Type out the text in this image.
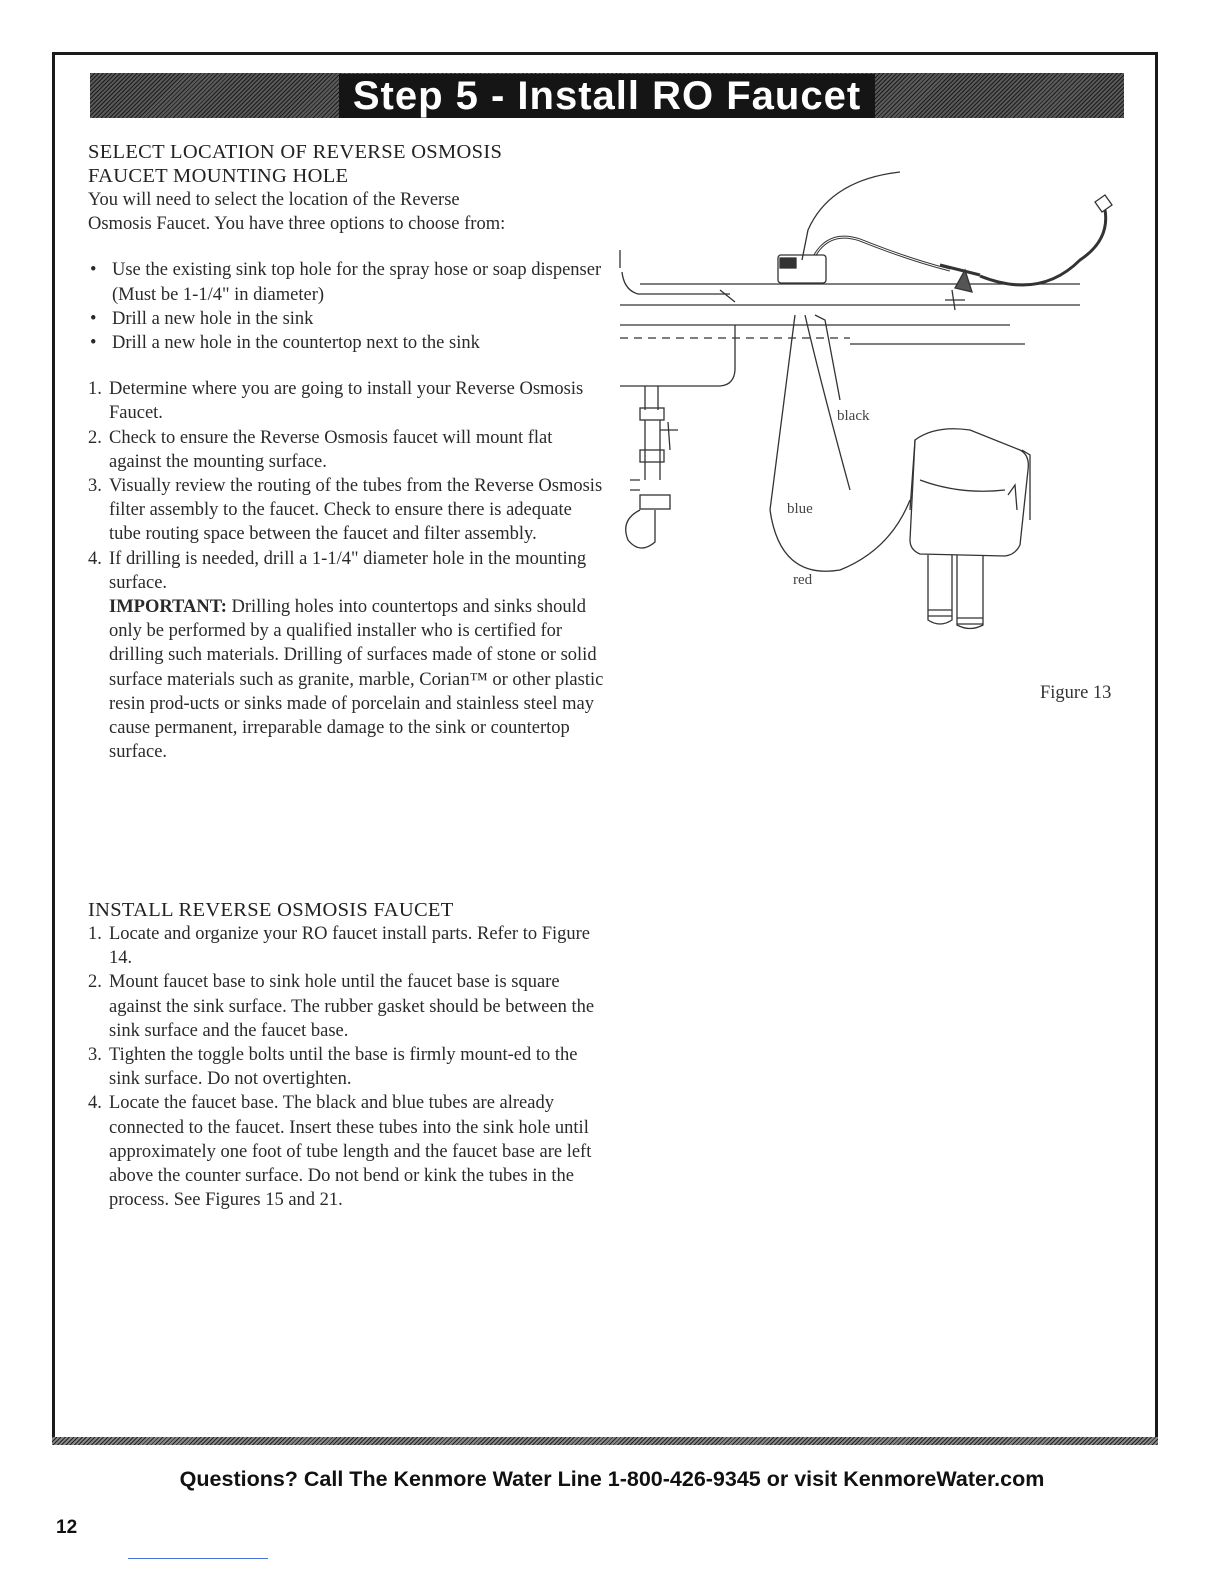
Step 5 - Install RO Faucet

SELECT LOCATION OF REVERSE OSMOSIS

FAUCET MOUNTING HOLE

You will need to select the location of the Reverse

Osmosis Faucet. You have three options to choose from:

• Use the existing sink top hole for the spray hose or soap dispenser (Must be 1-1/4" in diameter)
• Drill a new hole in the sink
• Drill a new hole in the countertop next to the sink
1. Determine where you are going to install your Reverse Osmosis Faucet.
2. Check to ensure the Reverse Osmosis faucet will mount flat against the mounting surface.
3. Visually review the routing of the tubes from the Reverse Osmosis filter assembly to the faucet. Check to ensure there is adequate tube routing space between the faucet and filter assembly.
4. If drilling is needed, drill a 1-1/4" diameter hole in the mounting surface.
IMPORTANT: Drilling holes into countertops and sinks should only be performed by a qualified installer who is certified for drilling such materials. Drilling of surfaces made of stone or solid surface materials such as granite, marble, Corian™ or other plastic resin prod-ucts or sinks made of porcelain and stainless steel may cause permanent, irreparable damage to the sink or countertop surface.

INSTALL REVERSE OSMOSIS FAUCET

1. Locate and organize your RO faucet install parts. Refer to Figure 14.
2. Mount faucet base to sink hole until the faucet base is square against the sink surface. The rubber gasket should be between the sink surface and the faucet base.
3. Tighten the toggle bolts until the base is firmly mount-ed to the sink surface. Do not overtighten.
4. Locate the faucet base. The black and blue tubes are already connected to the faucet. Insert these tubes into the sink hole until approximately one foot of tube length and the faucet base are left above the counter surface. Do not bend or kink the tubes in the process. See Figures 15 and 21.
black
blue
red
Figure 13
Questions? Call The Kenmore Water Line 1-800-426-9345 or visit KenmoreWater.com
12
